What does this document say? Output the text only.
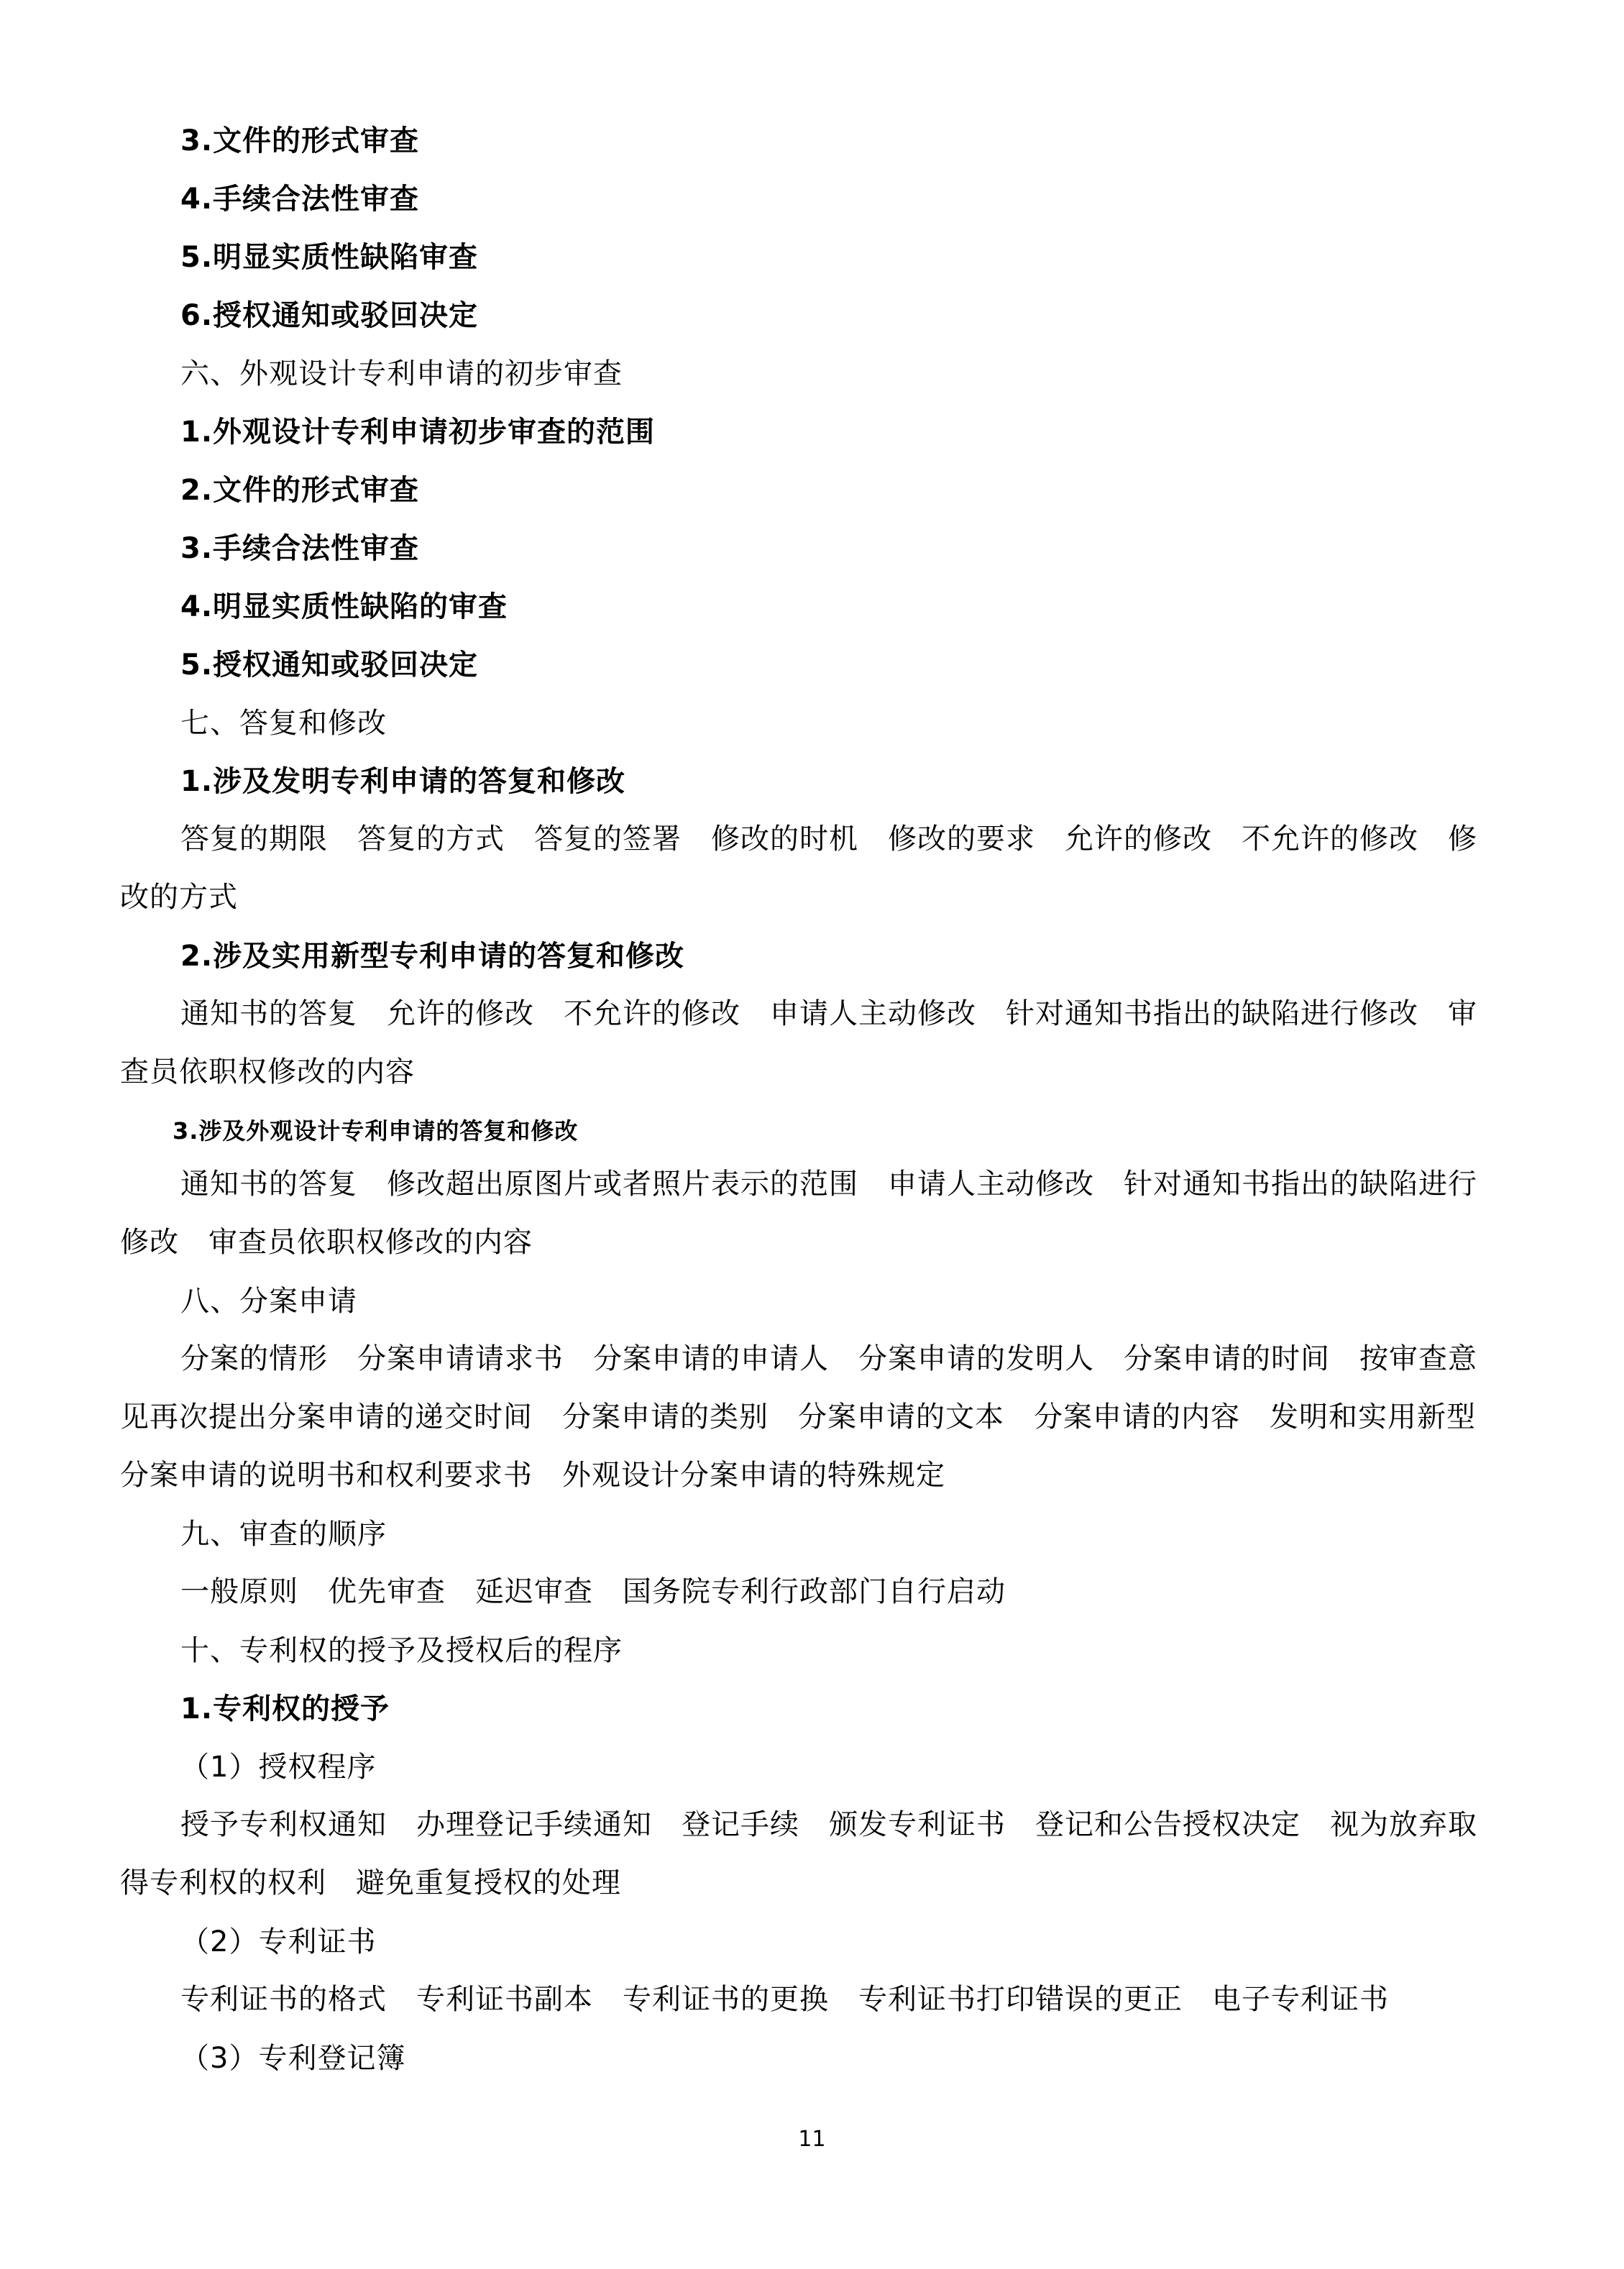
3.文件的形式审查
4.手续合法性审查
5.明显实质性缺陷审查
6.授权通知或驳回决定
六、外观设计专利申请的初步审查
1.外观设计专利申请初步审查的范围
2.文件的形式审查
3.手续合法性审查
4.明显实质性缺陷的审查
5.授权通知或驳回决定
七、答复和修改
1.涉及发明专利申请的答复和修改
答复的期限　答复的方式　答复的签署　修改的时机　修改的要求　允许的修改　不允许的修改　修改的方式
2.涉及实用新型专利申请的答复和修改
通知书的答复　允许的修改　不允许的修改　申请人主动修改　针对通知书指出的缺陷进行修改　审查员依职权修改的内容
3.涉及外观设计专利申请的答复和修改
通知书的答复　修改超出原图片或者照片表示的范围　申请人主动修改　针对通知书指出的缺陷进行修改　审查员依职权修改的内容
八、分案申请
分案的情形　分案申请请求书　分案申请的申请人　分案申请的发明人　分案申请的时间　按审查意见再次提出分案申请的递交时间　分案申请的类别　分案申请的文本　分案申请的内容　发明和实用新型分案申请的说明书和权利要求书　外观设计分案申请的特殊规定
九、审查的顺序
一般原则　优先审查　延迟审查　国务院专利行政部门自行启动
十、专利权的授予及授权后的程序
1.专利权的授予
（1）授权程序
授予专利权通知　办理登记手续通知　登记手续　颁发专利证书　登记和公告授权决定　视为放弃取得专利权的权利　避免重复授权的处理
（2）专利证书
专利证书的格式　专利证书副本　专利证书的更换　专利证书打印错误的更正　电子专利证书
（3）专利登记簿
11
